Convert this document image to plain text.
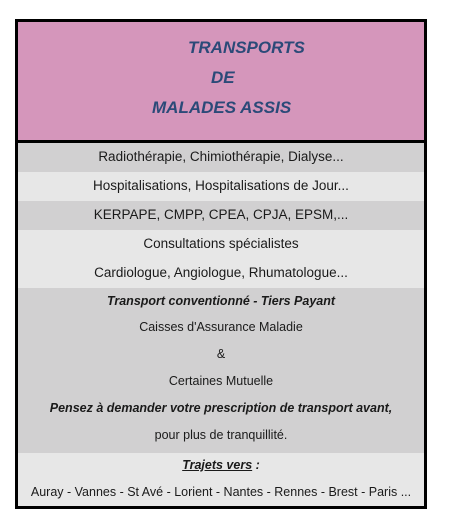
TRANSPORTS
DE
MALADES ASSIS
Radiothérapie, Chimiothérapie, Dialyse...
Hospitalisations, Hospitalisations de Jour...
KERPAPE, CMPP, CPEA, CPJA, EPSM,...
Consultations spécialistes
Cardiologue, Angiologue, Rhumatologue...
Transport conventionné - Tiers Payant
Caisses d'Assurance Maladie
&
Certaines Mutuelle
Pensez à demander votre prescription de transport avant,
pour plus de tranquillité.
Trajets vers :
Auray - Vannes - St Avé - Lorient - Nantes - Rennes - Brest - Paris ...
